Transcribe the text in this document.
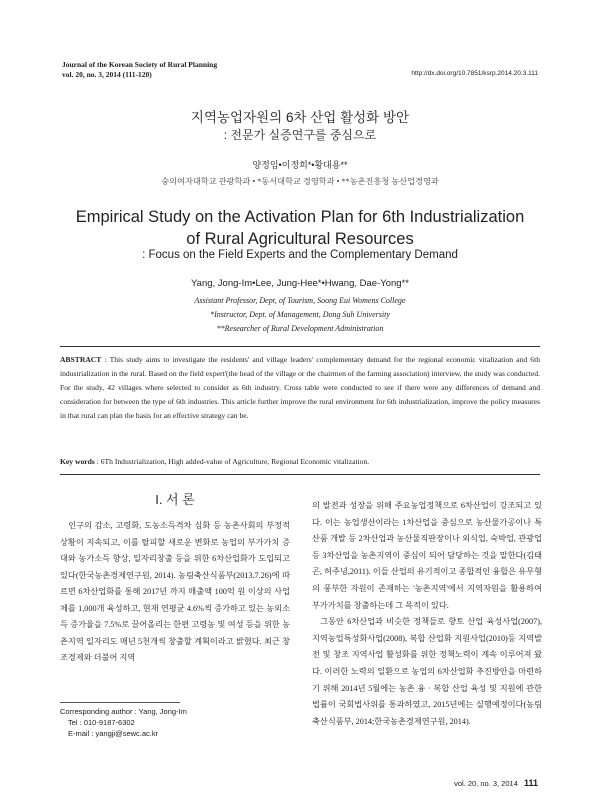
Journal of the Korean Society of Rural Planning
vol. 20, no. 3, 2014 (111-120)	http://dx.doi.org/10.7851/ksrp.2014.20.3.111
지역농업자원의 6차 산업 활성화 방안
: 전문가 실증연구를 중심으로
양정임•이정희*•황대용**
숭의여자대학교 관광학과 • *동서대학교 경영학과 • **농촌진흥청 농산업경영과
Empirical Study on the Activation Plan for 6th Industrialization
of Rural Agricultural Resources
: Focus on the Field Experts and the Complementary Demand
Yang, Jong-Im•Lee, Jung-Hee*•Hwang, Dae-Yong**
Assistant Professor, Dept, of Tourism, Soong Eui Womens College
*Instructor, Dept. of Management, Dong Suh University
**Researcher of Rural Development Administration
ABSTRACT : This study aims to investigate the residents' and village leaders' complementary demand for the regional economic vitalization and 6th industrialization in the rural. Based on the field expert'(the head of the village or the chairmen of the farming association) interview, the study was conducted. For the study, 42 villages where selected to consider as 6th industry. Cross table were conducted to see if there were any differences of demand and consideration for between the type of 6th industries. This article further improve the rural environment for 6th industrialization, improve the policy measures in that rural can plan the basis for an effective strategy can be.
Key words : 6Th Industrialization, High added-value of Agriculture, Regional Economic vitalization.
I. 서 론

인구의 감소, 고령화, 도농소득격차 심화 등 농촌사회의 부정적 상황이 지속되고, 이를 탈피할 새로운 변화로 농업의 부가가치 증대와 농가소득 향상, 일자리창출 등을 위한 6차산업화가 도입되고 있다(한국농촌경제연구원, 2014). 농림축산식품부(2013.7.26)에 따르면 6차산업화를 통해 2017년 까지 매출액 100억 원 이상의 사업체를 1,000개 육성하고, 현재 연평균 4.6%씩 증가하고 있는 농외소득 증가율을 7.5%로 끌어올리는 한편 고령농 및 여성 등을 위한 농촌지역 일자리도 매년 5천개씩 창출할 계획이라고 밝혔다. 최근 창조경제와 더불어 지역

의 발전과 성장을 위해 주요농업정책으로 6차산업이 강조되고 있다. 이는 농업생산이라는 1차산업을 중심으로 농산물가공이나 특산품 개발 등 2차산업과 농산물직판장이나 외식업, 숙박업, 관광업 등 3차산업을 농촌지역이 중심이 되어 담당하는 것을 말한다(김태곤, 허주녕,2011). 이들 산업의 유기적이고 종합적인 융합은 유무형의 풍부한 자원이 존재하는 '농촌지역'에서 지역자원을 활용하여 부가가치를 창출하는데 그 목적이 있다.

그동안 6차산업과 비슷한 정책들로 향토 산업 육성사업(2007), 지역농업특성화사업(2008), 복합 산업화 지원사업(2010)등 지역발전 및 창조 지역사업 활성화를 위한 정책노력이 계속 이루어져 왔다. 이러한 노력의 일환으로 농업의 6차산업화 추진방안을 마련하기 위해 2014년 5월에는 농촌 융 · 복합 산업 육성 및 지원에 관한 법률이 국회법사위를 통과하였고, 2015년에는 실행예정이다(농림축산식품부, 2014;한국농촌경제연구원, 2014).

Corresponding author : Yang, Jong-Im
Tel : 010-9187-6302
E-mail : yangji@sewc.ac.kr
vol. 20, no. 3, 2014 111
